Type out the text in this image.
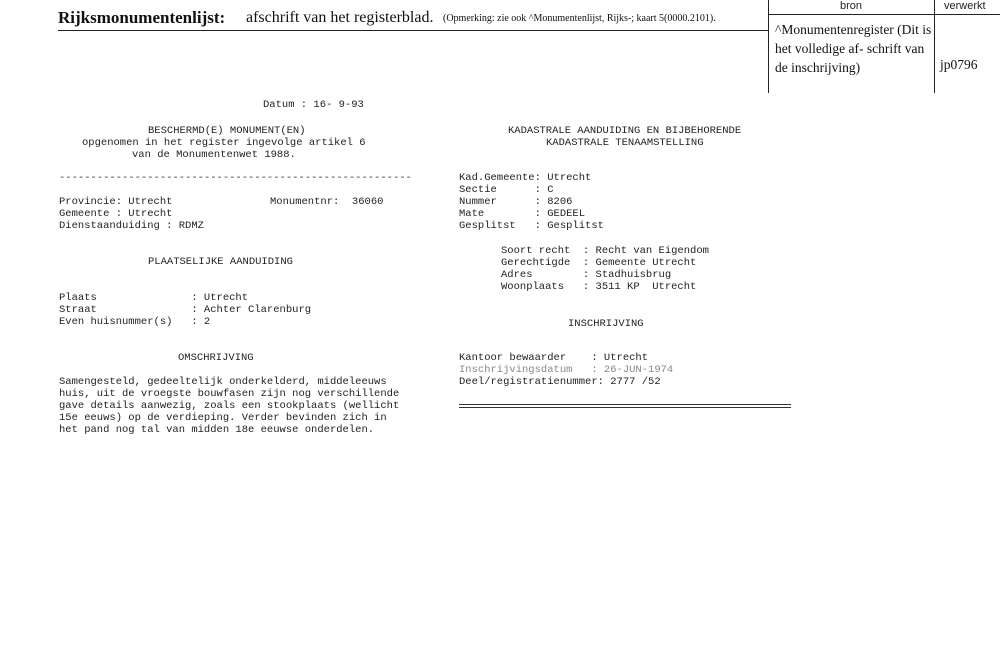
Rijksmonumentenlijst: afschrift van het registerblad. (Opmerking: zie ook ^Monumentenlijst, Rijks-; kaart 5(0000.2101).
bron	verwerkt
^Monumentenregister (Dit is het volledige af- schrift van de inschrijving)	jp0796
Datum : 16- 9-93
BESCHERMD(E) MONUMENT(EN)
opgenomen in het register ingevolge artikel 6
van de Monumentenwet 1988.
--------------------------------------------------------
Provincie: Utrecht	Monumentnr:  36060
Gemeente : Utrecht
Dienstaanduiding : RDMZ
PLAATSELIJKE AANDUIDING
Plaats               : Utrecht
Straat               : Achter Clarenburg
Even huisnummer(s)   : 2
OMSCHRIJVING
Samengesteld, gedeeltelijk onderkelderd, middeleeuws
huis, uit de vroegste bouwfasen zijn nog verschillende
gave details aanwezig, zoals een stookplaats (wellicht
15e eeuws) op de verdieping. Verder bevinden zich in
het pand nog tal van midden 18e eeuwse onderdelen.
KADASTRALE AANDUIDING EN BIJBEHORENDE
KADASTRALE TENAAMSTELLING
Kad.Gemeente: Utrecht
Sectie      : C
Nummer      : 8206
Mate        : GEDEEL
Gesplitst   : Gesplitst
Soort recht  : Recht van Eigendom
Gerechtigde  : Gemeente Utrecht
Adres        : Stadhuisbrug
Woonplaats   : 3511 KP  Utrecht
INSCHRIJVING
Kantoor bewaarder    : Utrecht
Inschrijvingsdatum   : 26-JUN-1974
Deel/registratienummer: 2777 /52
